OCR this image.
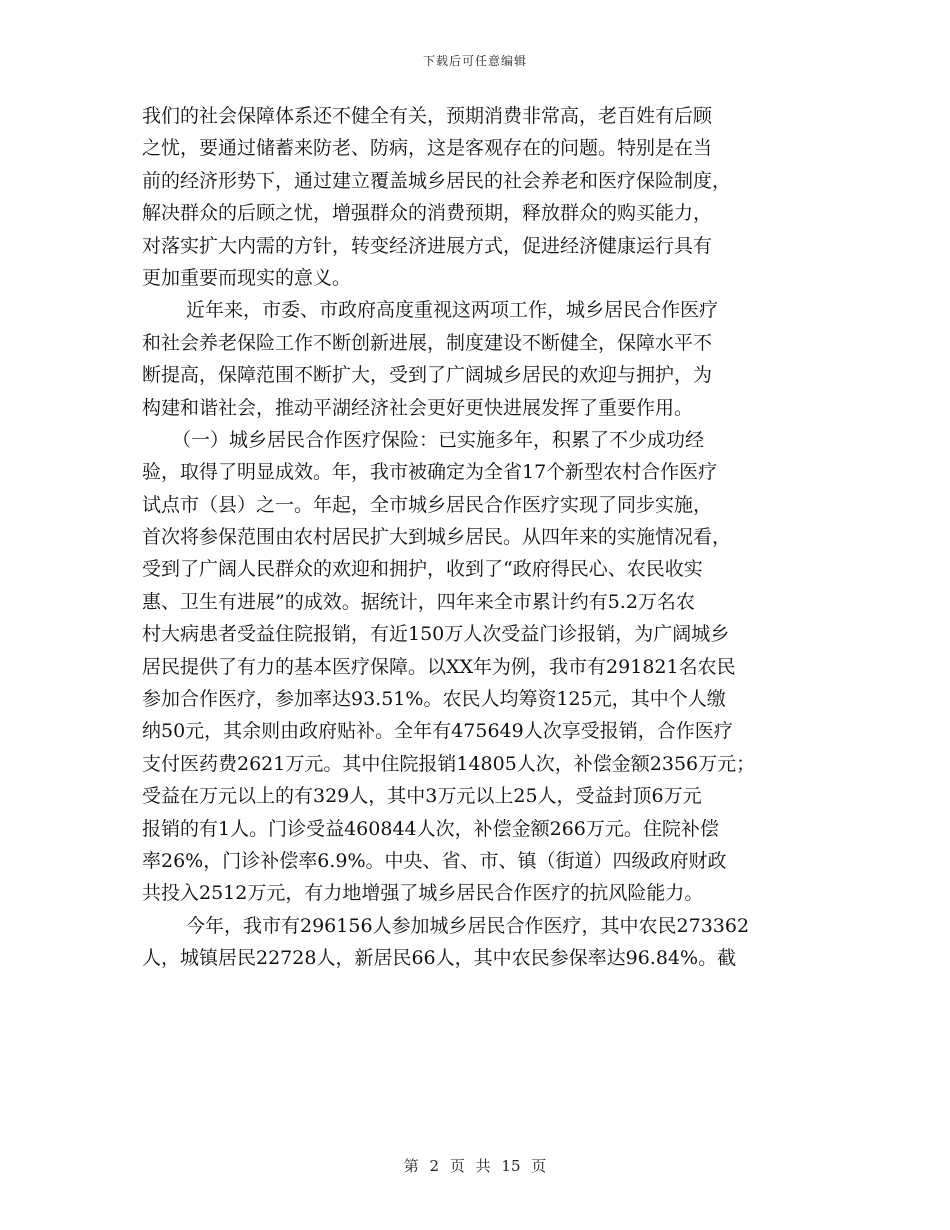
下载后可任意编辑
我们的社会保障体系还不健全有关，预期消费非常高，老百姓有后顾
之忧，要通过储蓄来防老、防病，这是客观存在的问题。特别是在当
前的经济形势下，通过建立覆盖城乡居民的社会养老和医疗保险制度，
解决群众的后顾之忧，增强群众的消费预期，释放群众的购买能力，
对落实扩大内需的方针，转变经济进展方式，促进经济健康运行具有
更加重要而现实的意义。
近年来，市委、市政府高度重视这两项工作，城乡居民合作医疗
和社会养老保险工作不断创新进展，制度建设不断健全，保障水平不
断提高，保障范围不断扩大，受到了广阔城乡居民的欢迎与拥护，为
构建和谐社会，推动平湖经济社会更好更快进展发挥了重要作用。
（一）城乡居民合作医疗保险：已实施多年，积累了不少成功经
验，取得了明显成效。年，我市被确定为全省17个新型农村合作医疗
试点市（县）之一。年起，全市城乡居民合作医疗实现了同步实施，
首次将参保范围由农村居民扩大到城乡居民。从四年来的实施情况看，
受到了广阔人民群众的欢迎和拥护，收到了“政府得民心、农民收实
惠、卫生有进展”的成效。据统计，四年来全市累计约有5.2万名农
村大病患者受益住院报销，有近150万人次受益门诊报销，为广阔城乡
居民提供了有力的基本医疗保障。以XX年为例，我市有291821名农民
参加合作医疗，参加率达93.51%。农民人均筹资125元，其中个人缴
纳50元，其余则由政府贴补。全年有475649人次享受报销，合作医疗
支付医药费2621万元。其中住院报销14805人次，补偿金额2356万元；
受益在万元以上的有329人，其中3万元以上25人，受益封顶6万元
报销的有1人。门诊受益460844人次，补偿金额266万元。住院补偿
率26%，门诊补偿率6.9%。中央、省、市、镇（街道）四级政府财政
共投入2512万元，有力地增强了城乡居民合作医疗的抗风险能力。
今年，我市有296156人参加城乡居民合作医疗，其中农民273362
人，城镇居民22728人，新居民66人，其中农民参保率达96.84%。截
第 2 页 共 15 页
